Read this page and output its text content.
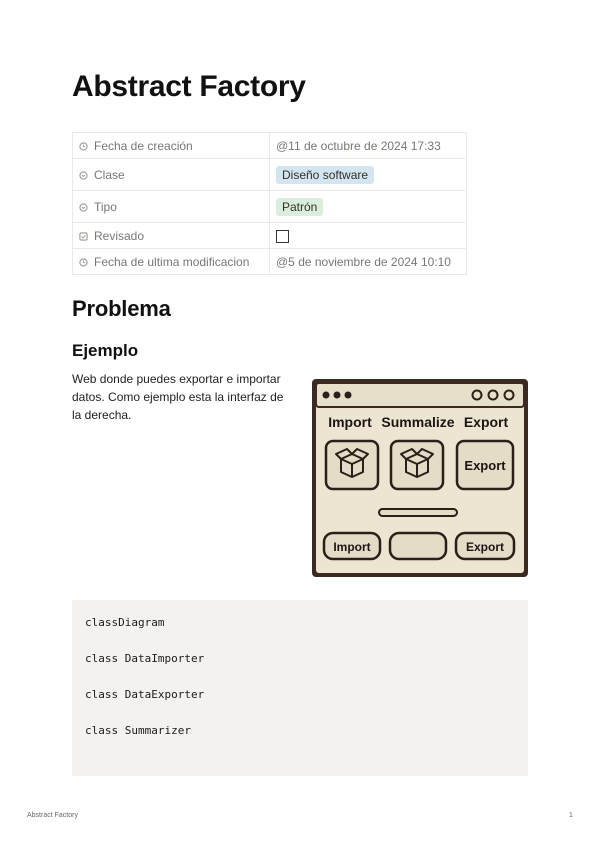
Abstract Factory
Fecha de creación	@11 de octubre de 2024 17:33
Clase	Diseño software
Tipo	Patrón
Revisado	
Fecha de ultima modificacion	@5 de noviembre de 2024 10:10
Problema
Ejemplo
Web donde puedes exportar e importar datos. Como ejemplo esta la interfaz de la derecha.	Import Summalize Export
Export
Import	Export
classDiagram
class DataImporter
class DataExporter
class Summarizer
Abstract Factory	1
